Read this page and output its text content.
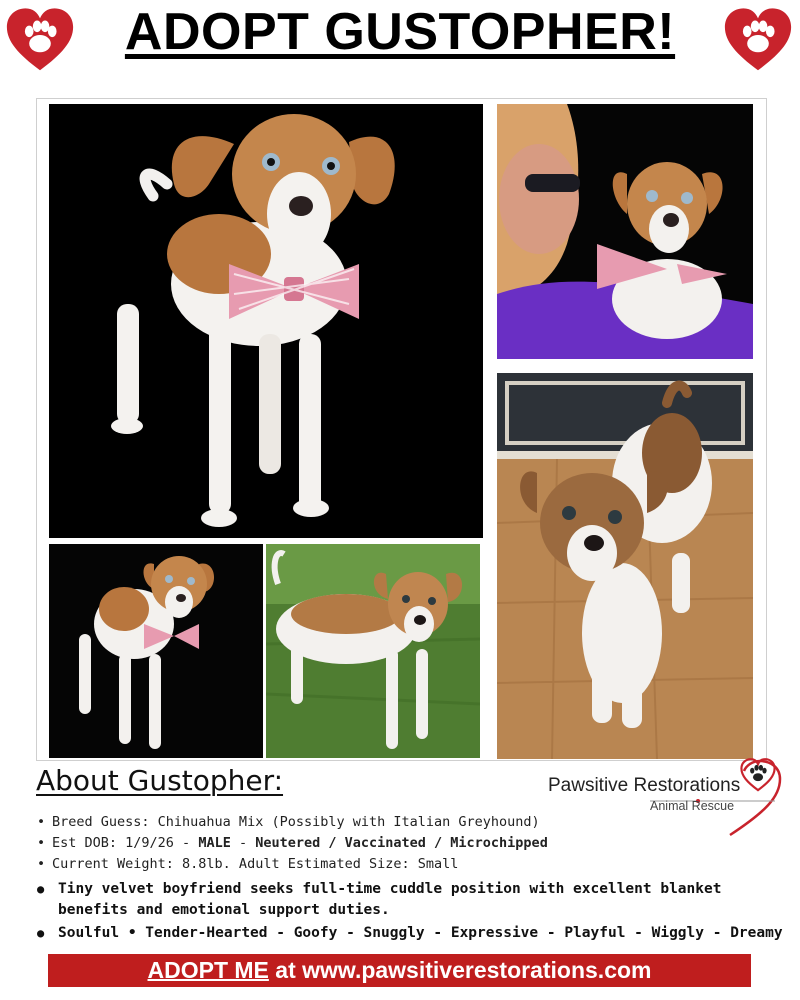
ADOPT GUSTOPHER!
About Gustopher:
• Breed Guess: Chihuahua Mix (Possibly with Italian Greyhound)
• Est DOB: 1/9/26 - MALE - Neutered / Vaccinated / Microchipped
• Current Weight: 8.8lb. Adult Estimated Size: Small
● Tiny velvet boyfriend seeks full-time cuddle position with excellent blanket benefits and emotional support duties.
● Soulful • Tender-Hearted - Goofy - Snuggly - Expressive - Playful - Wiggly - Dreamy
Pawsitive Restorations
Animal Rescue
ADOPT ME at www.pawsitiverestorations.com
